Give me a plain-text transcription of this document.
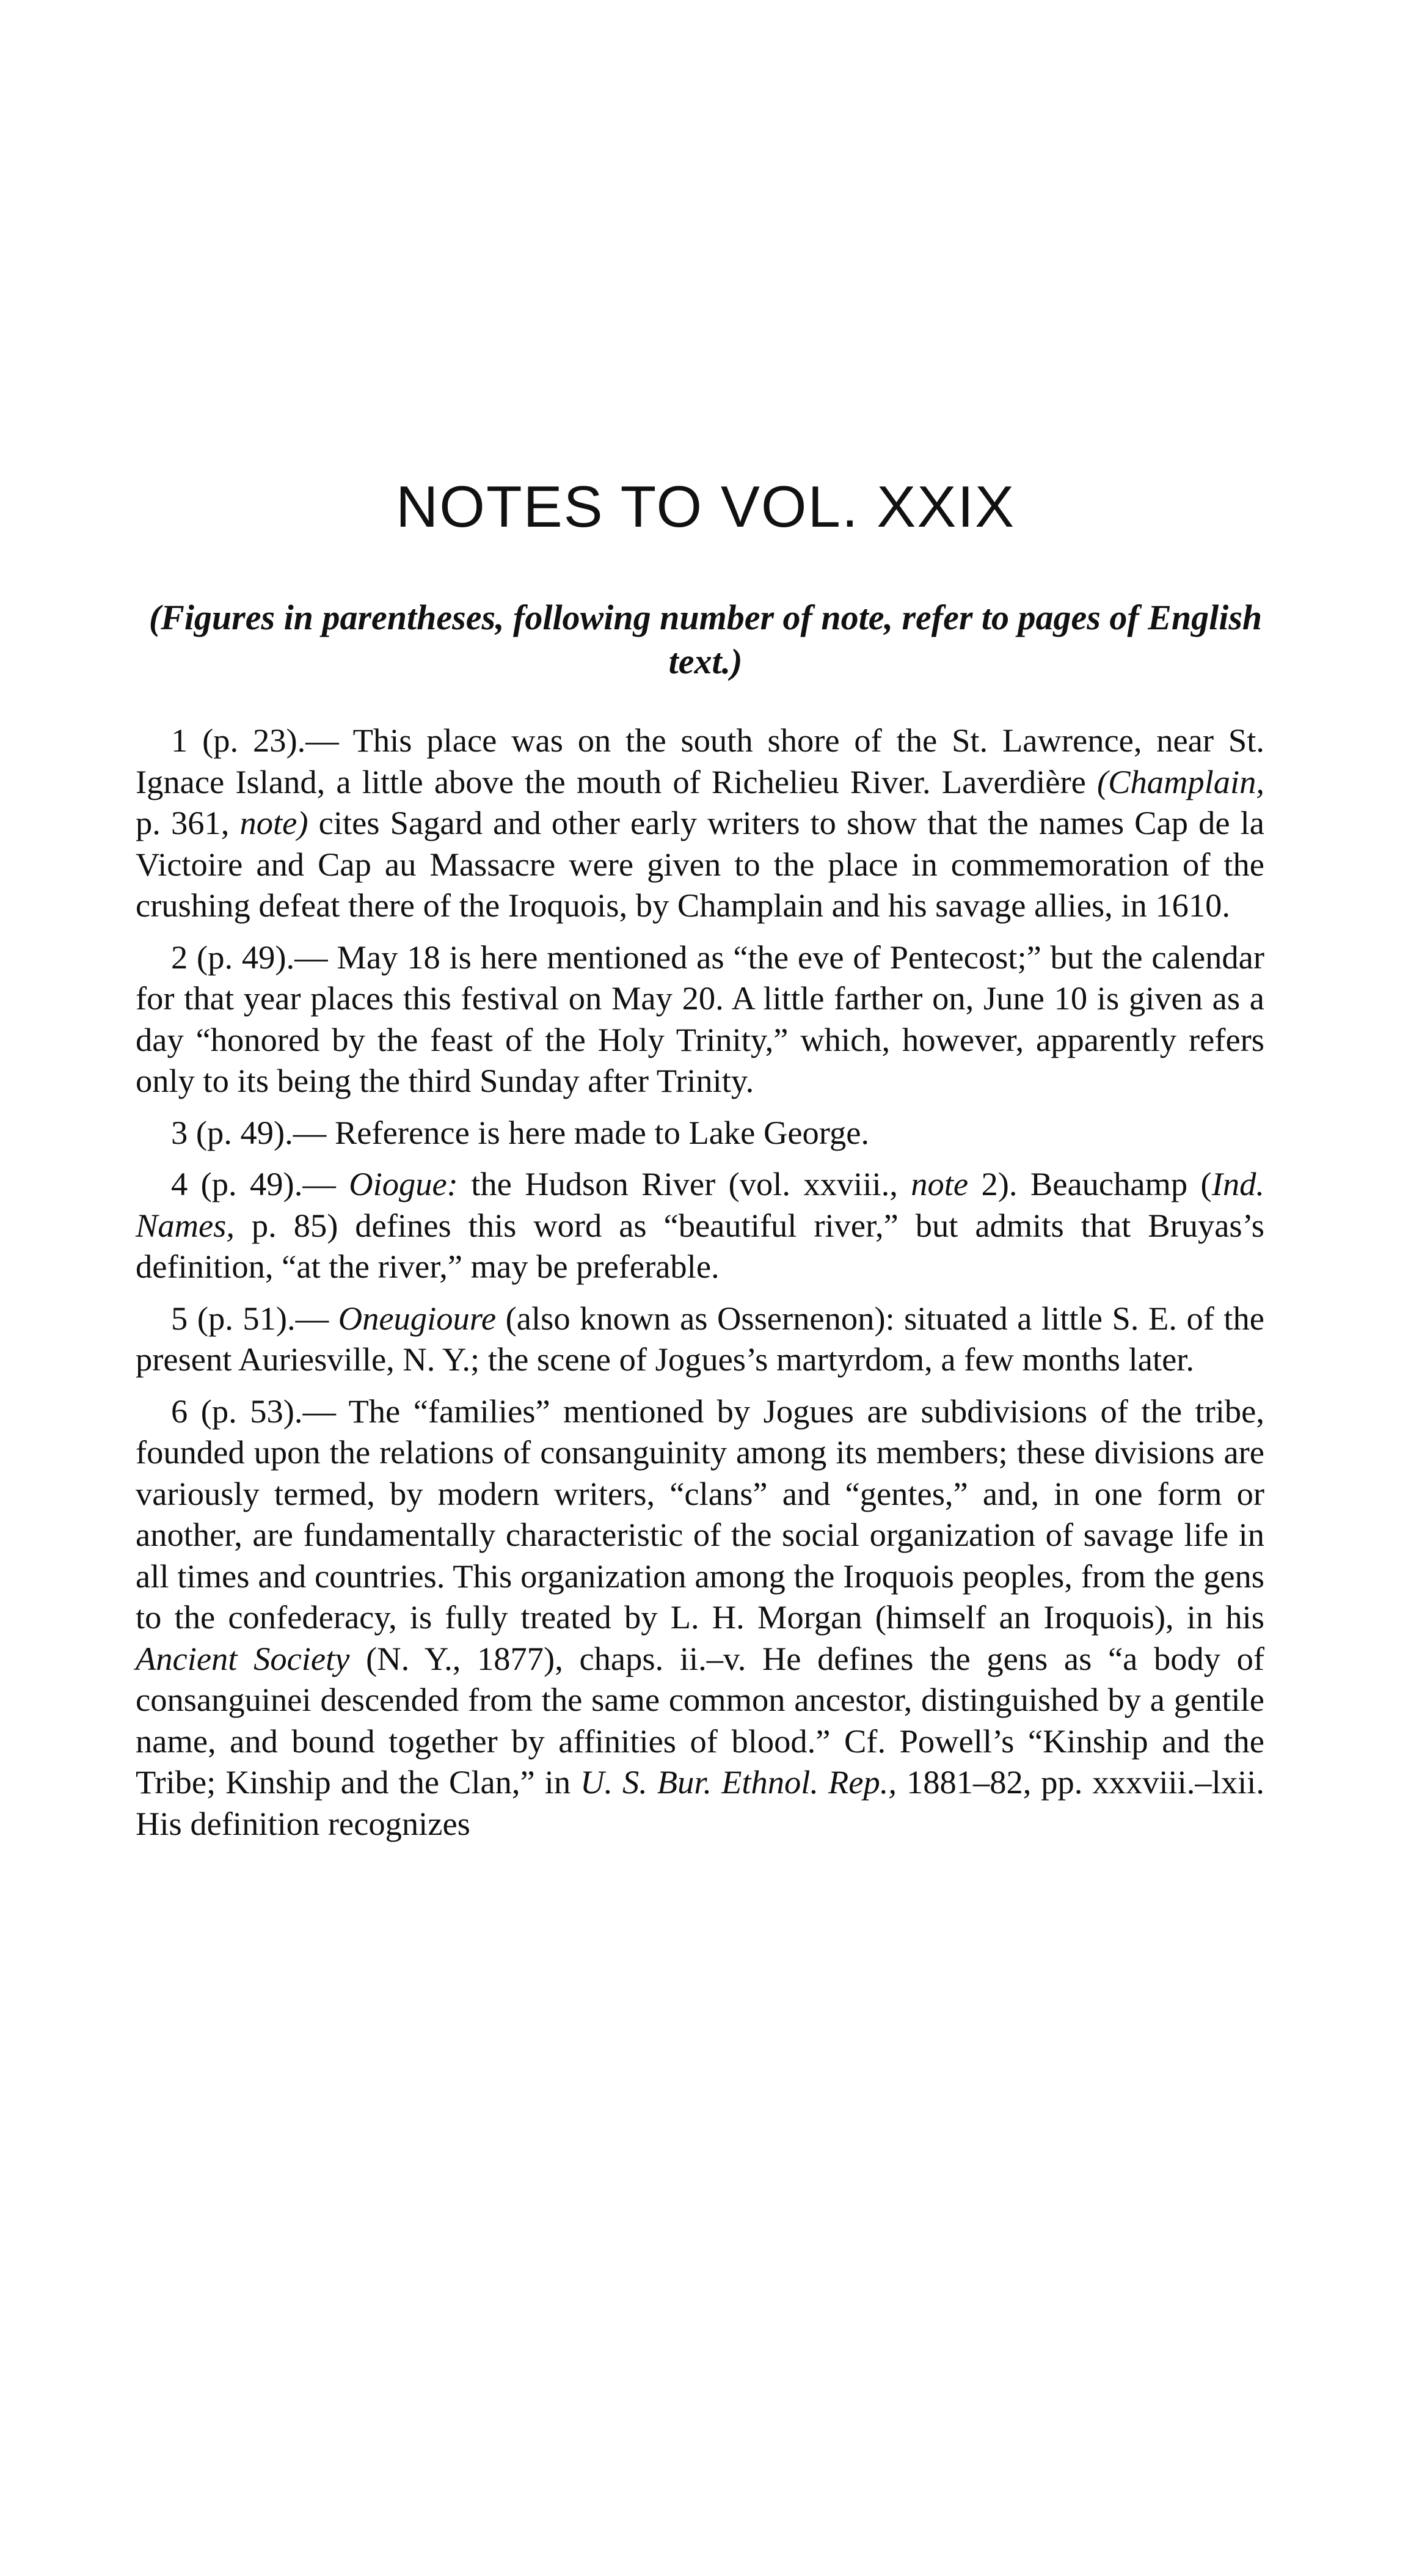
NOTES TO VOL. XXIX

(Figures in parentheses, following number of note, refer to pages of English text.)

1 (p. 23).— This place was on the south shore of the St. Lawrence, near St. Ignace Island, a little above the mouth of Richelieu River. Laverdière (Champlain, p. 361, note) cites Sagard and other early writers to show that the names Cap de la Victoire and Cap au Massacre were given to the place in commemoration of the crushing defeat there of the Iroquois, by Champlain and his savage allies, in 1610.

2 (p. 49).— May 18 is here mentioned as “the eve of Pentecost;” but the calendar for that year places this festival on May 20. A little farther on, June 10 is given as a day “honored by the feast of the Holy Trinity,” which, however, apparently refers only to its being the third Sunday after Trinity.

3 (p. 49).— Reference is here made to Lake George.

4 (p. 49).— Oiogue: the Hudson River (vol. xxviii., note 2). Beauchamp (Ind. Names, p. 85) defines this word as “beautiful river,” but admits that Bruyas’s definition, “at the river,” may be preferable.

5 (p. 51).— Oneugioure (also known as Ossernenon): situated a little S. E. of the present Auriesville, N. Y.; the scene of Jogues’s martyrdom, a few months later.

6 (p. 53).— The “families” mentioned by Jogues are subdivisions of the tribe, founded upon the relations of consanguinity among its members; these divisions are variously termed, by modern writers, “clans” and “gentes,” and, in one form or another, are fundamentally characteristic of the social organization of savage life in all times and countries. This organization among the Iroquois peoples, from the gens to the confederacy, is fully treated by L. H. Morgan (himself an Iroquois), in his Ancient Society (N. Y., 1877), chaps. ii.–v. He defines the gens as “a body of consanguinei descended from the same common ancestor, distinguished by a gentile name, and bound together by affinities of blood.” Cf. Powell’s “Kinship and the Tribe; Kinship and the Clan,” in U. S. Bur. Ethnol. Rep., 1881–82, pp. xxxviii.–lxii. His definition recognizes
